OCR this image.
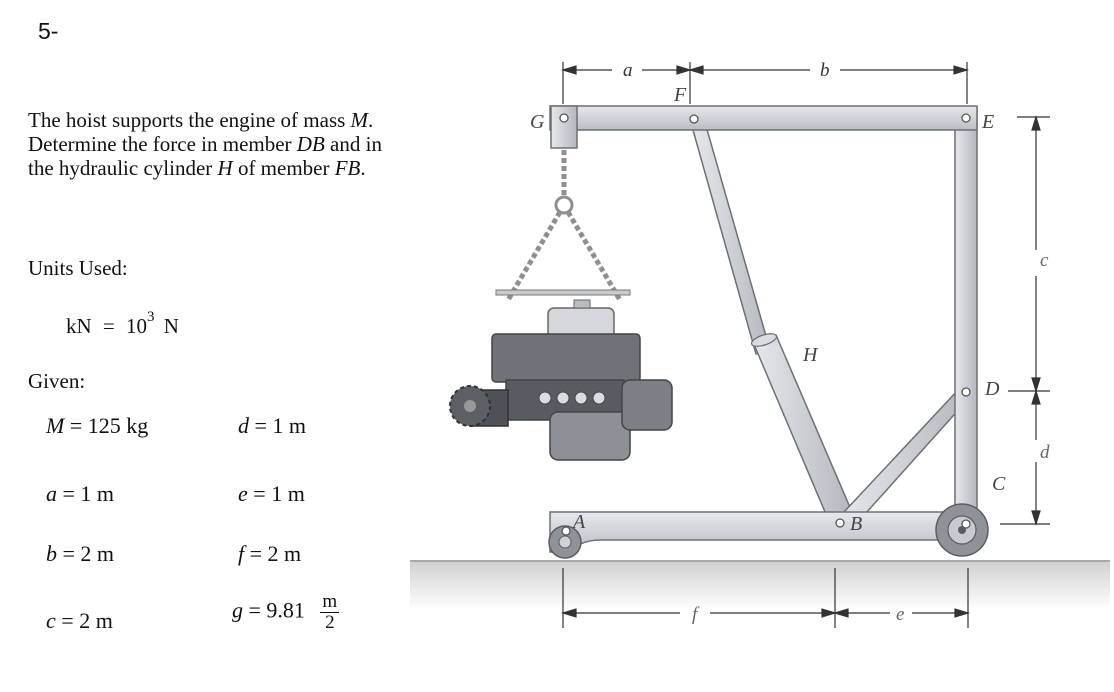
5-
The hoist supports the engine of mass M. Determine the force in member DB and in the hydraulic cylinder H of member FB.
Units Used:
kN = $10^3$ N
Given:
M = 125 kg	d = 1 m
a = 1 m	e = 1 m
b = 2 m	f = 2 m
c = 2 m	$g = 9.81 \frac{m}{2}$
a	b
c
d
f	e
G
F
E
H
D
C
A	B
